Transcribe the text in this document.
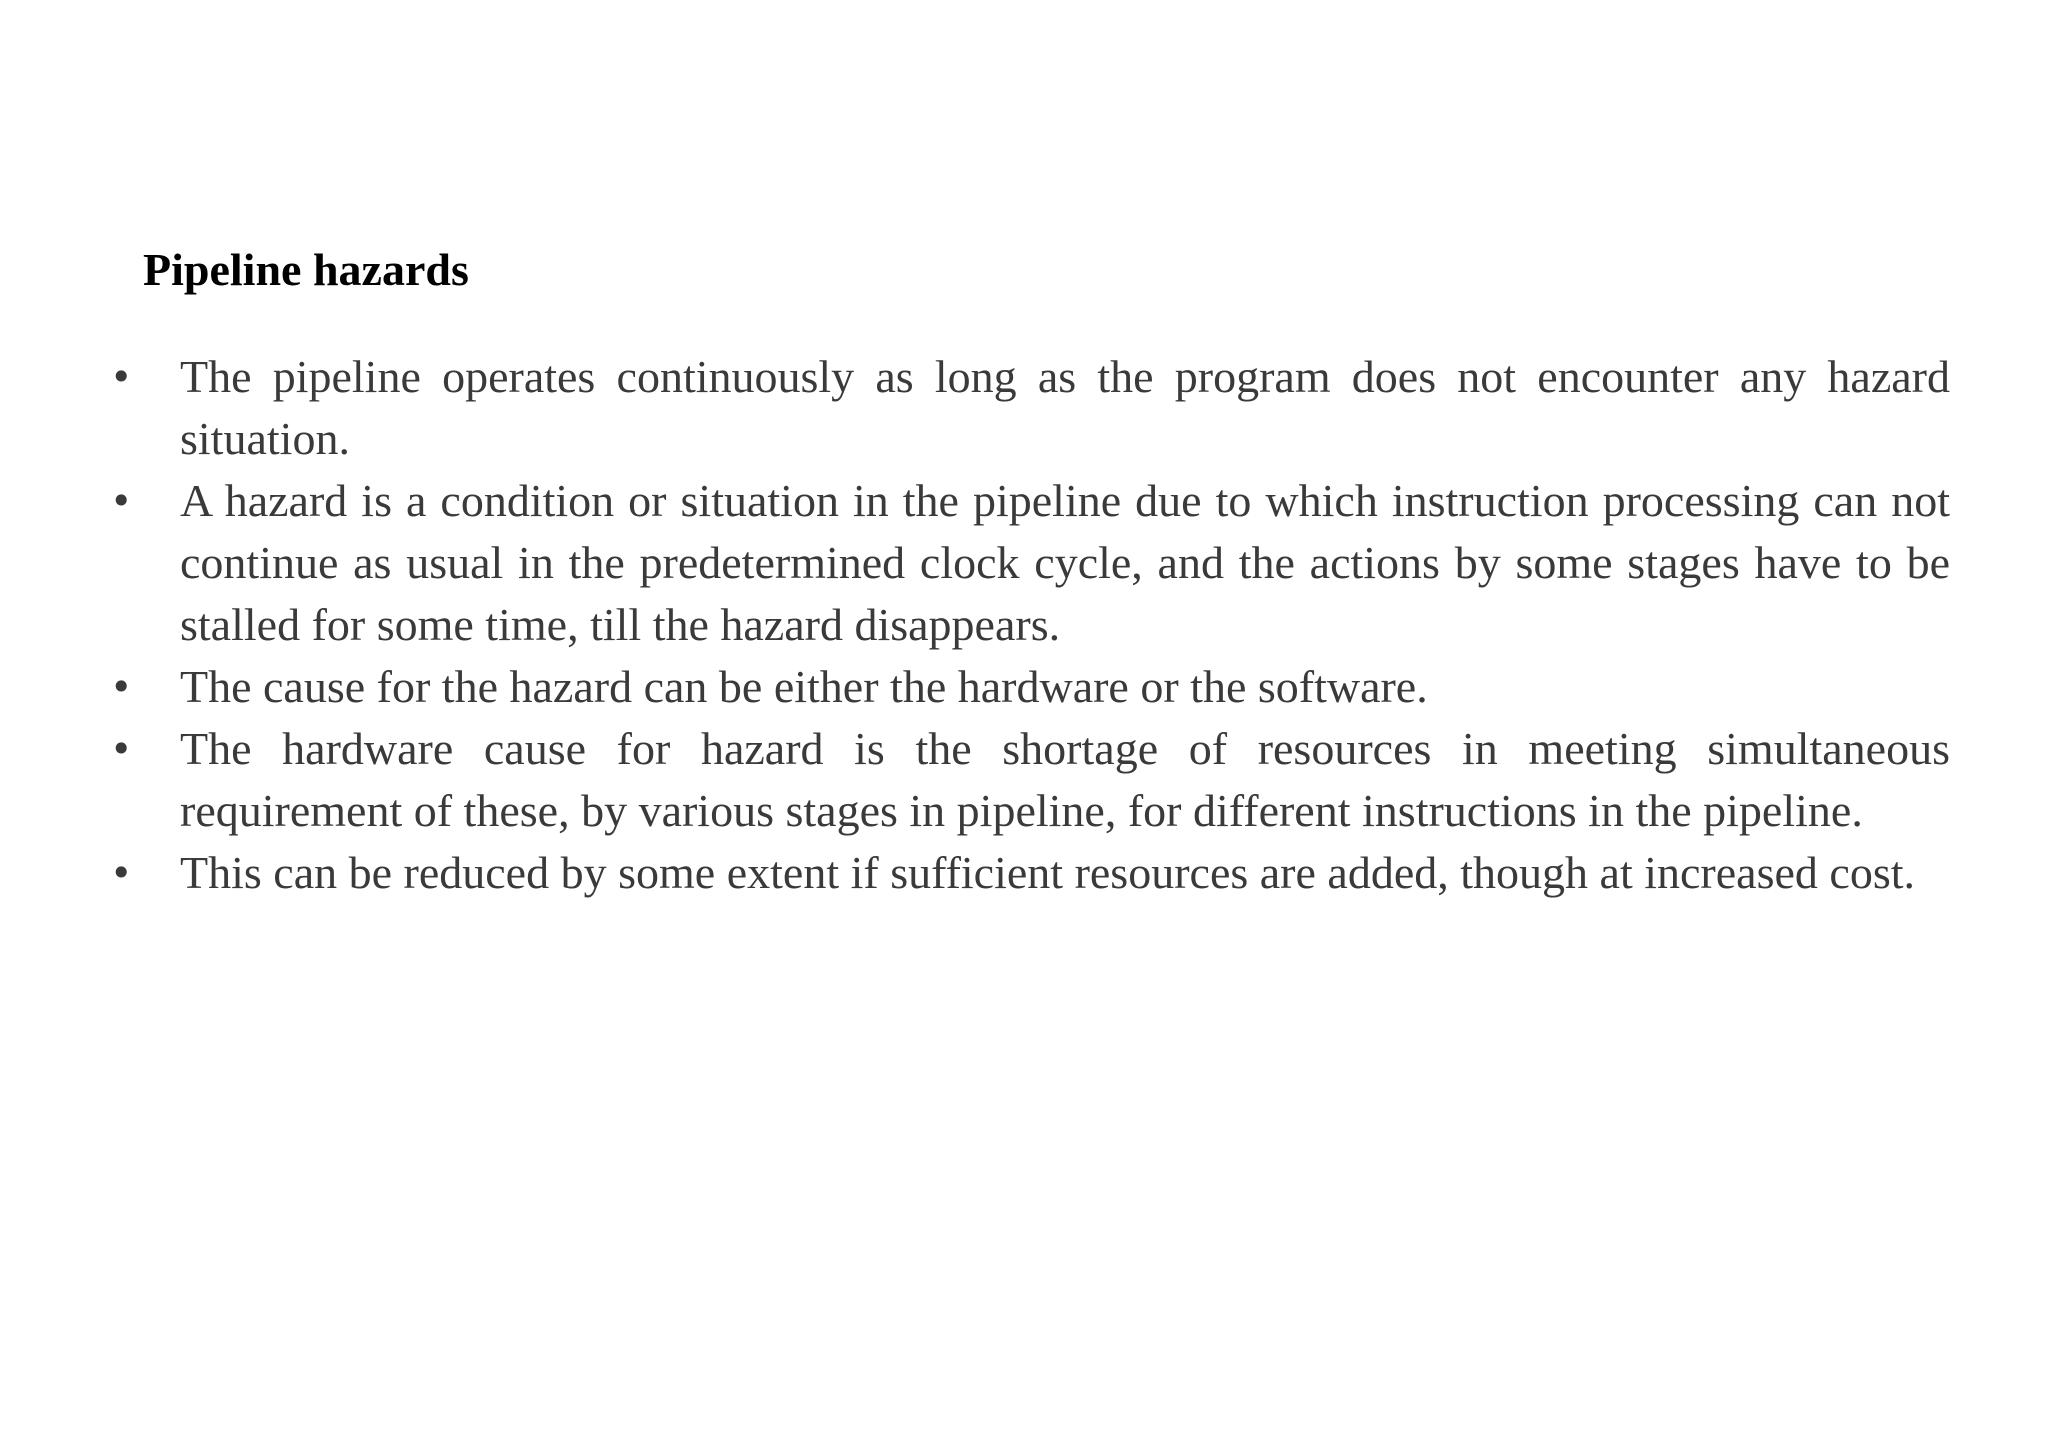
Pipeline hazards
• The pipeline operates continuously as long as the program does not encounter any hazard situation.
• A hazard is a condition or situation in the pipeline due to which instruction processing can not continue as usual in the predetermined clock cycle, and the actions by some stages have to be stalled for some time, till the hazard disappears.
• The cause for the hazard can be either the hardware or the software.
• The hardware cause for hazard is the shortage of resources in meeting simultaneous requirement of these, by various stages in pipeline, for different instructions in the pipeline.
• This can be reduced by some extent if sufficient resources are added, though at increased cost.
